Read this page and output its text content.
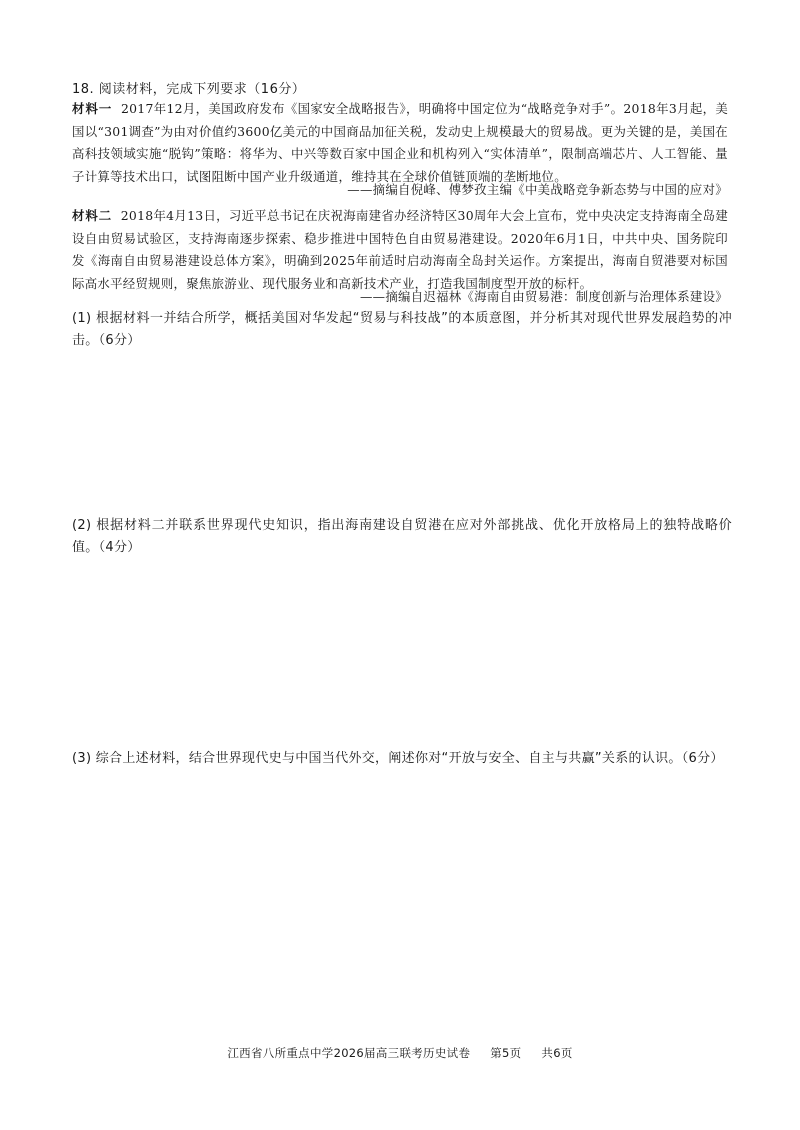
18. 阅读材料，完成下列要求（16分）
材料一 2017年12月，美国政府发布《国家安全战略报告》，明确将中国定位为“战略竞争对手”。2018年3月起，美国以“301调查”为由对价值约3600亿美元的中国商品加征关税，发动史上规模最大的贸易战。更为关键的是，美国在高科技领域实施“脱钩”策略：将华为、中兴等数百家中国企业和机构列入“实体清单”，限制高端芯片、人工智能、量子计算等技术出口，试图阻断中国产业升级通道，维持其在全球价值链顶端的垄断地位。
——摘编自倪峰、傅梦孜主编《中美战略竞争新态势与中国的应对》
材料二 2018年4月13日，习近平总书记在庆祝海南建省办经济特区30周年大会上宣布，党中央决定支持海南全岛建设自由贸易试验区，支持海南逐步探索、稳步推进中国特色自由贸易港建设。2020年6月1日，中共中央、国务院印发《海南自由贸易港建设总体方案》，明确到2025年前适时启动海南全岛封关运作。方案提出，海南自贸港要对标国际高水平经贸规则，聚焦旅游业、现代服务业和高新技术产业，打造我国制度型开放的标杆。
——摘编自迟福林《海南自由贸易港：制度创新与治理体系建设》
(1) 根据材料一并结合所学，概括美国对华发起“贸易与科技战”的本质意图，并分析其对现代世界发展趋势的冲击。（6分）
(2) 根据材料二并联系世界现代史知识，指出海南建设自贸港在应对外部挑战、优化开放格局上的独特战略价值。（4分）
(3) 综合上述材料，结合世界现代史与中国当代外交，阐述你对“开放与安全、自主与共赢”关系的认识。（6分）
江西省八所重点中学2026届高三联考历史试卷 第5页 共6页
